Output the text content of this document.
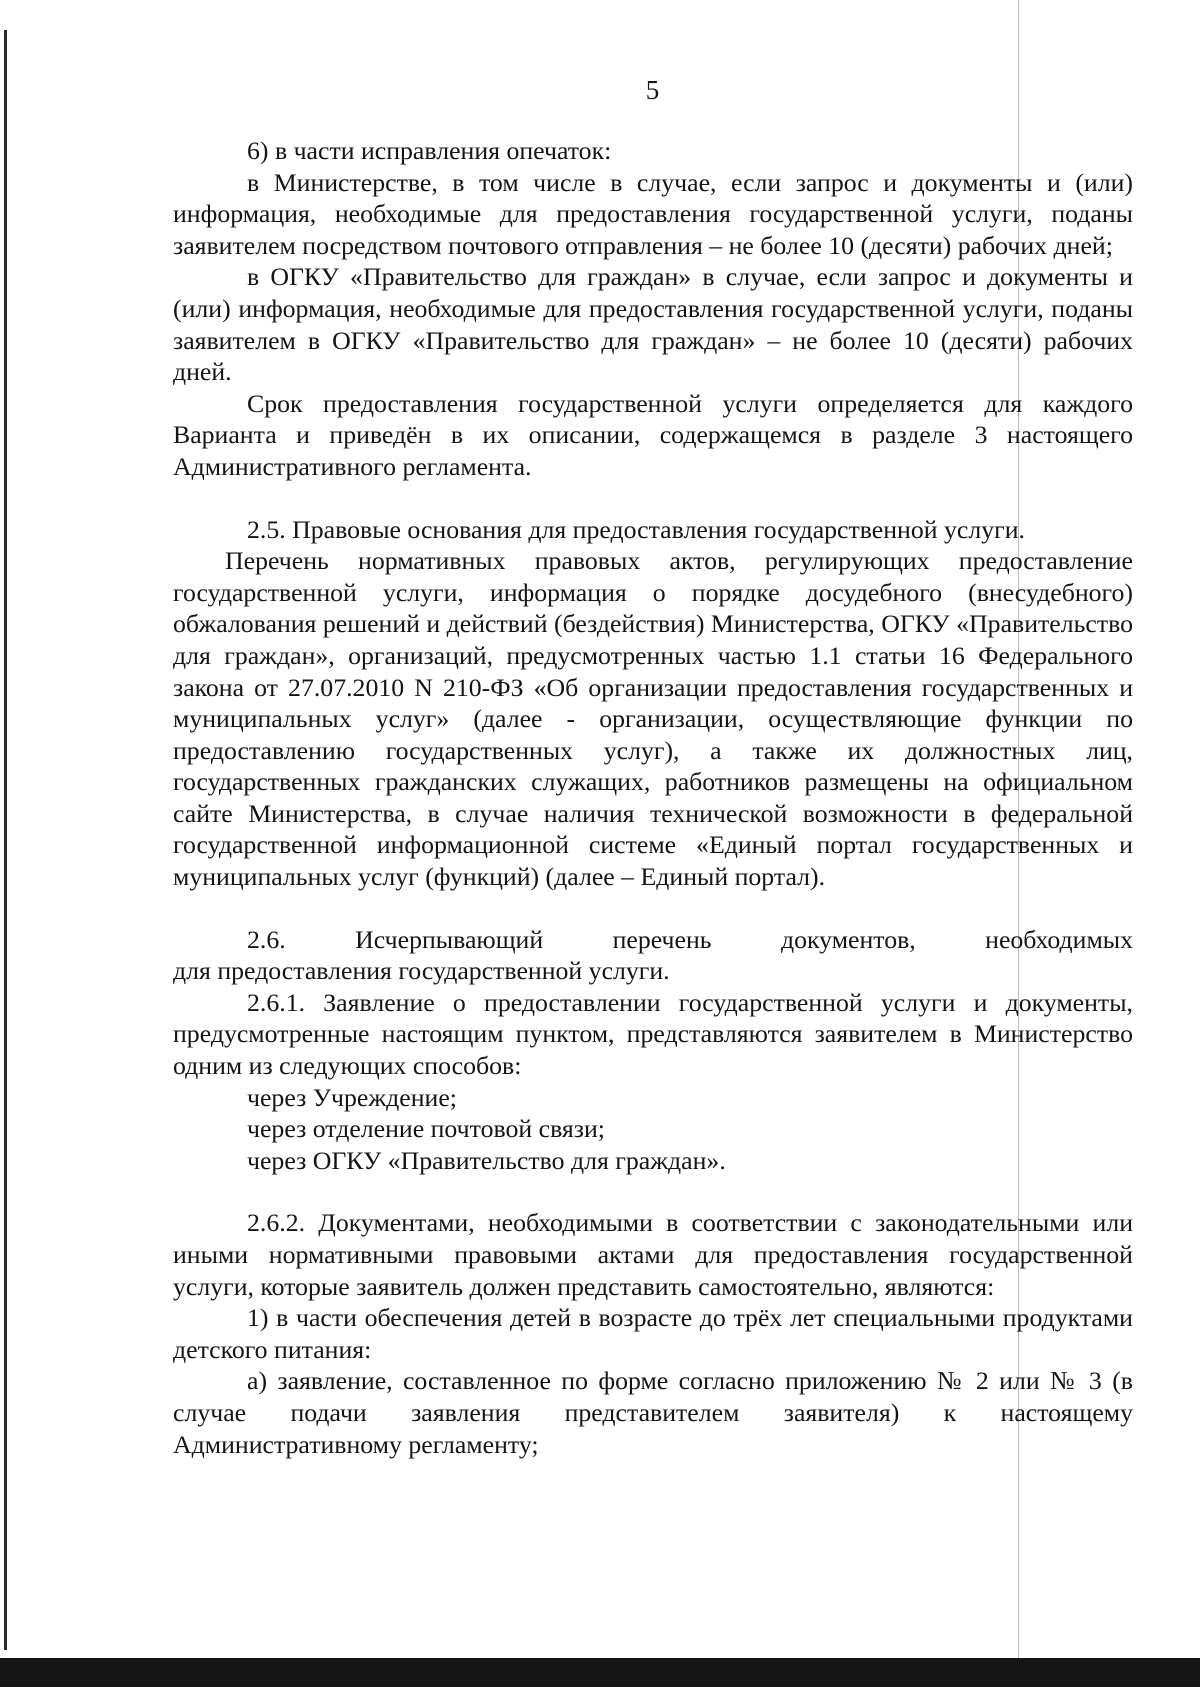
5

6) в части исправления опечаток:

в Министерстве, в том числе в случае, если запрос и документы и (или) информация, необходимые для предоставления государственной услуги, поданы заявителем посредством почтового отправления – не более 10 (десяти) рабочих дней;

в ОГКУ «Правительство для граждан» в случае, если запрос и документы и (или) информация, необходимые для предоставления государственной услуги, поданы заявителем в ОГКУ «Правительство для граждан» – не более 10 (десяти) рабочих дней.

Срок предоставления государственной услуги определяется для каждого Варианта и приведён в их описании, содержащемся в разделе 3 настоящего Административного регламента.

2.5. Правовые основания для предоставления государственной услуги.

Перечень нормативных правовых актов, регулирующих предоставление государственной услуги, информация о порядке досудебного (внесудебного) обжалования решений и действий (бездействия) Министерства, ОГКУ «Правительство для граждан», организаций, предусмотренных частью 1.1 статьи 16 Федерального закона от 27.07.2010 N 210-ФЗ «Об организации предоставления государственных и муниципальных услуг» (далее - организации, осуществляющие функции по предоставлению государственных услуг), а также их должностных лиц, государственных гражданских служащих, работников размещены на официальном сайте Министерства, в случае наличия технической возможности в федеральной государственной информационной системе «Единый портал государственных и муниципальных услуг (функций) (далее – Единый портал).

2.6. Исчерпывающий перечень документов, необходимых

для предоставления государственной услуги.

2.6.1. Заявление о предоставлении государственной услуги и документы, предусмотренные настоящим пунктом, представляются заявителем в Министерство одним из следующих способов:

через Учреждение;

через отделение почтовой связи;

через ОГКУ «Правительство для граждан».

2.6.2. Документами, необходимыми в соответствии с законодательными или иными нормативными правовыми актами для предоставления государственной услуги, которые заявитель должен представить самостоятельно, являются:

1) в части обеспечения детей в возрасте до трёх лет специальными продуктами детского питания:

а) заявление, составленное по форме согласно приложению № 2 или № 3 (в случае подачи заявления представителем заявителя) к настоящему Административному регламенту;
